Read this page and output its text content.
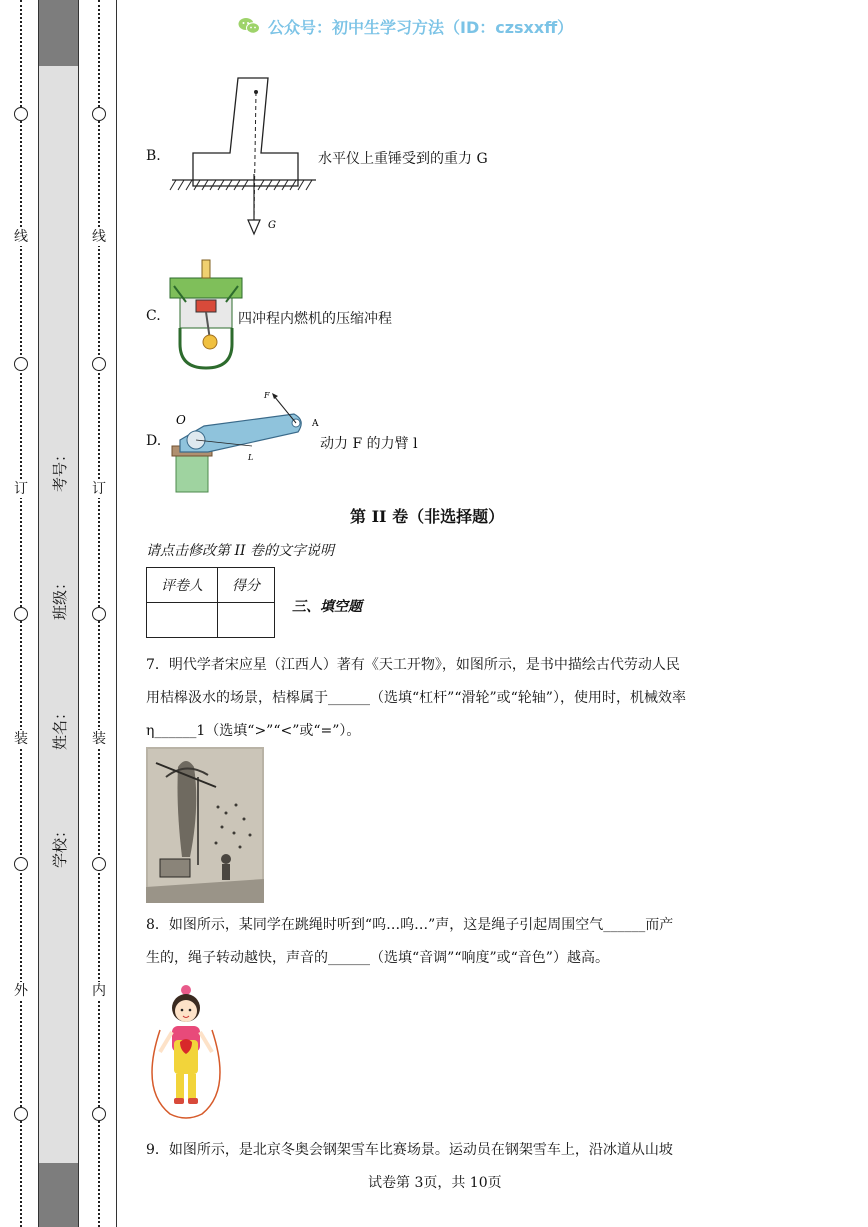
线
订
装
外
线
订
装
内
考号：
班级：
姓名：
学校：
公众号：初中生学习方法（ID：czsxxff）
B.
G
水平仪上重锤受到的重力 G
C.	四冲程内燃机的压缩冲程
D.
O
F
A
L
动力 F 的力臂 l
第 II 卷（非选择题）
请点击修改第 II 卷的文字说明
评卷人	得分

三、填空题
7．明代学者宋应星（江西人）著有《天工开物》，如图所示，是书中描绘古代劳动人民
用桔槔汲水的场景，桔槔属于______（选填“杠杆”“滑轮”或“轮轴”），使用时，机械效率
η______1（选填“>”“<”或“=”）。
8．如图所示，某同学在跳绳时听到“呜…呜…”声，这是绳子引起周围空气______而产
生的，绳子转动越快，声音的______（选填“音调”“响度”或“音色”）越高。
9．如图所示，是北京冬奥会钢架雪车比赛场景。运动员在钢架雪车上，沿冰道从山坡
试卷第 3页，共 10页
